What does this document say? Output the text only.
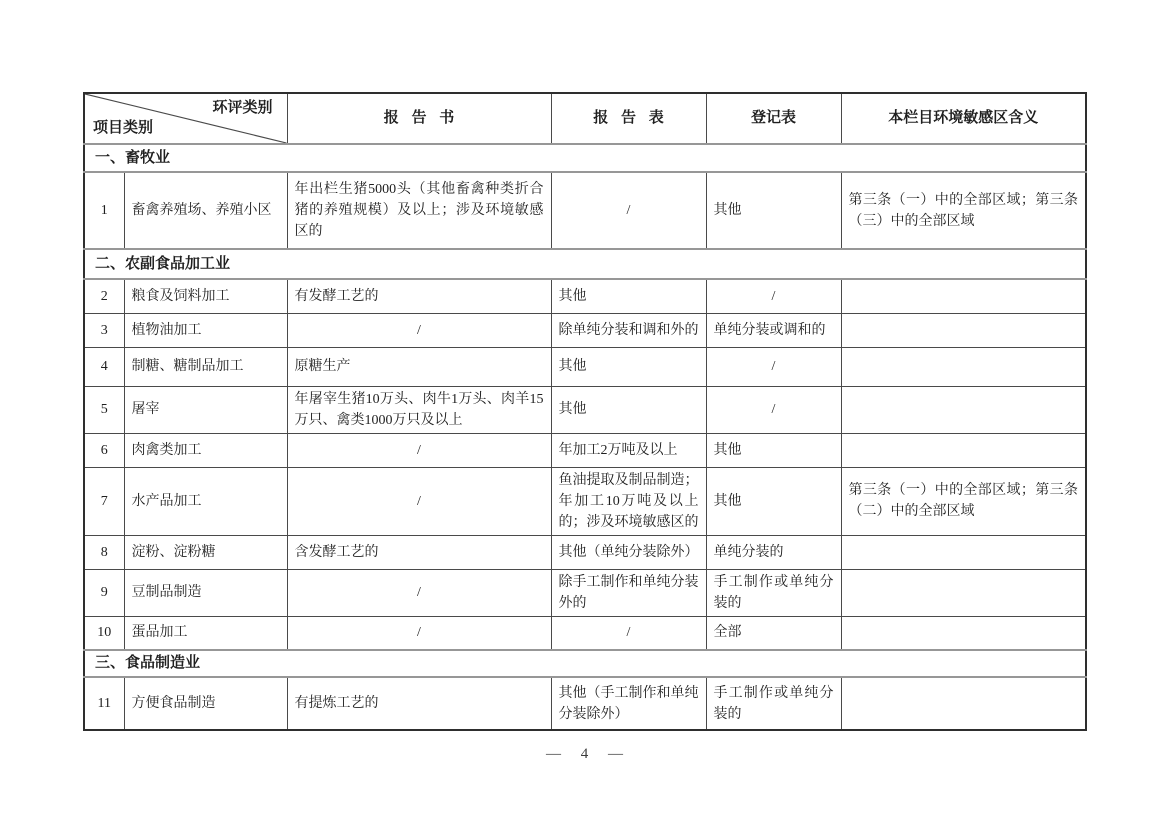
环评类别
项目类别		报 告 书	报 告 表	登记表	本栏目环境敏感区含义
一、畜牧业					
1	畜禽养殖场、养殖小区	年出栏生猪5000头（其他畜禽种类折合猪的养殖规模）及以上；涉及环境敏感区的	/	其他	第三条（一）中的全部区域；第三条（三）中的全部区域
二、农副食品加工业					
2	粮食及饲料加工	有发酵工艺的	其他	/	
3	植物油加工	/	除单纯分装和调和外的	单纯分装或调和的	
4	制糖、糖制品加工	原糖生产	其他	/	
5	屠宰	年屠宰生猪10万头、肉牛1万头、肉羊15万只、禽类1000万只及以上	其他	/	
6	肉禽类加工	/	年加工2万吨及以上	其他	
7	水产品加工	/	鱼油提取及制品制造；年加工10万吨及以上的；涉及环境敏感区的	其他	第三条（一）中的全部区域；第三条（二）中的全部区域
8	淀粉、淀粉糖	含发酵工艺的	其他（单纯分装除外）	单纯分装的	
9	豆制品制造	/	除手工制作和单纯分装外的	手工制作或单纯分装的	
10	蛋品加工	/	/	全部	
三、食品制造业					
11	方便食品制造	有提炼工艺的	其他（手工制作和单纯分装除外）	手工制作或单纯分装的	
— 4 —
